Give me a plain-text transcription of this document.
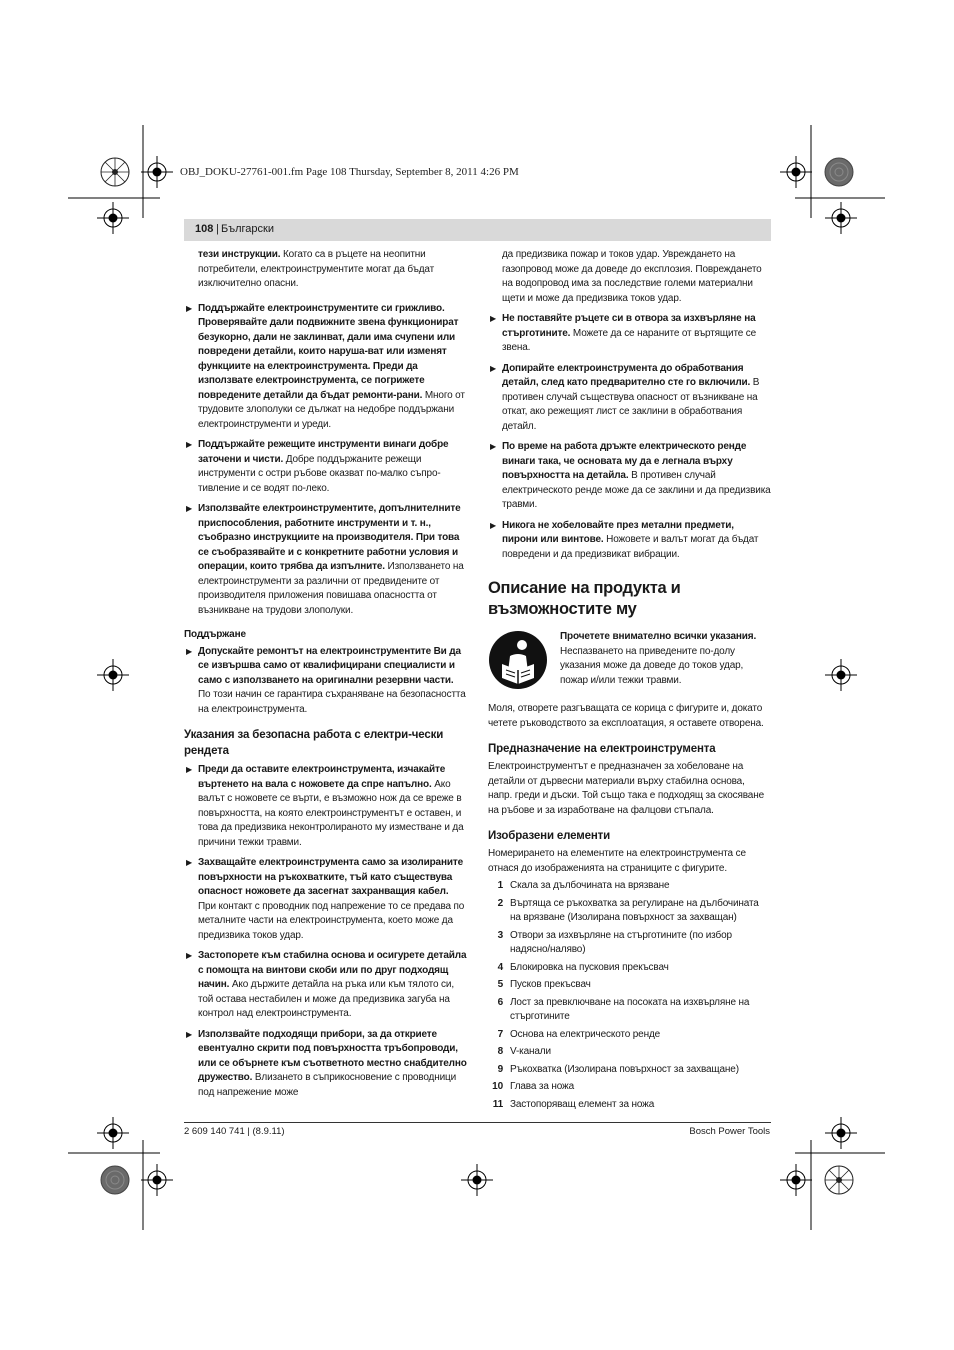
OBJ_DOKU-27761-001.fm Page 108 Thursday, September 8, 2011 4:26 PM
108 | Български

тези инструкции. Когато са в ръцете на неопитни потребители, електроинструментите могат да бъдат изключително опасни.

▶ Поддържайте електроинструментите си грижливо. Проверявайте дали подвижните звена функционират безукорно, дали не заклинват, дали има счупени или повредени детайли, които наруша-ват или изменят функциите на електроинструмента. Преди да използвате електроинструмента, се погрижете повредените детайли да бъдат ремонти-рани. Много от трудовите злополуки се дължат на недобре поддържани електроинструменти и уреди.

▶ Поддържайте режещите инструменти винаги добре заточени и чисти. Добре поддържаните режещи инструменти с остри ръбове оказват по-малко съпро-тивление и се водят по-леко.

▶ Използвайте електроинструментите, допълнителните приспособления, работните инструменти и т. н., съобразно инструкциите на производителя. При това се съобразявайте и с конкретните работни условия и операции, които трябва да изпълните. Използването на електроинструменти за различни от предвидените от производителя приложения повишава опасността от възникване на трудови злополуки.

Поддържане

▶ Допускайте ремонтът на електроинструментите Ви да се извършва само от квалифицирани специалисти и само с използването на оригинални резервни части. По този начин се гарантира съхраняване на безопасността на електроинструмента.

Указания за безопасна работа с електри-чески рендета

▶ Преди да оставите електроинструмента, изчакайте въртенето на вала с ножовете да спре напълно. Ако валът с ножовете се върти, е възможно нож да се вреже в повърхността, на която електроинструментът е оставен, и това да предизвика неконтролираното му изместване и да причини тежки травми.

▶ Захващайте електроинструмента само за изолираните повърхности на ръкохватките, тъй като съществува опасност ножовете да засегнат захранващия кабел. При контакт с проводник под напрежение то се предава по металните части на електроинструмента, което може да предизвика токов удар.

▶ Застопорете към стабилна основа и осигурете детайла с помощта на винтови скоби или по друг подходящ начин. Ако държите детайла на ръка или към тялото си, той остава нестабилен и може да предизвика загуба на контрол над електроинструмента.

▶ Използвайте подходящи прибори, за да откриете евентуално скрити под повърхността тръбопроводи, или се обърнете към съответното местно снабдително дружество. Влизането в съприкосновение с проводници под напрежение може

да предизвика пожар и токов удар. Увреждането на газопровод може да доведе до експлозия. Повреждането на водопровод има за последствие големи материални щети и може да предизвика токов удар.

▶ Не поставяйте ръцете си в отвора за изхвърляне на стърготините. Можете да се нараните от въртящите се звена.

▶ Допирайте електроинструмента до обработвания детайл, след като предварително сте го включили. В противен случай съществува опасност от възникване на откат, ако режещият лист се заклини в обработвания детайл.

▶ По време на работа дръжте електрическото ренде винаги така, че основата му да е легнала върху повърхността на детайла. В противен случай електрическото ренде може да се заклини и да предизвика травми.

▶ Никога не хобеловайте през метални предмети, пирони или винтове. Ножовете и валът могат да бъдат повредени и да предизвикат вибрации.

Описание на продукта и възможностите му

Прочетете внимателно всички указания. Неспазването на приведените по-долу указания може да доведе до токов удар, пожар и/или тежки травми.

Моля, отворете разгъващата се корица с фигурите и, докато четете ръководството за експлоатация, я оставете отворена.

Предназначение на електроинструмента

Електроинструментът е предназначен за хобеловане на детайли от дървесни материали върху стабилна основа, напр. греди и дъски. Той също така е подходящ за скосяване на ръбове и за изработване на фалцови стъпала.

Изобразени елементи

Номерирането на елементите на електроинструмента се отнася до изображенията на страниците с фигурите.

1 Скала за дълбочината на врязване
2 Въртяща се ръкохватка за регулиране на дълбочината на врязване (Изолирана повърхност за захващан)
3 Отвори за изхвърляне на стърготините (по избор надясно/наляво)
4 Блокировка на пусковия прекъсвач
5 Пусков прекъсвач
6 Лост за превключване на посоката на изхвърляне на стърготините
7 Основа на електрическото ренде
8 V-канали
9 Ръкохватка (Изолирана повърхност за захващане)
10 Глава за ножа
11 Застопоряващ елемент за ножа
2 609 140 741 | (8.9.11)	Bosch Power Tools
